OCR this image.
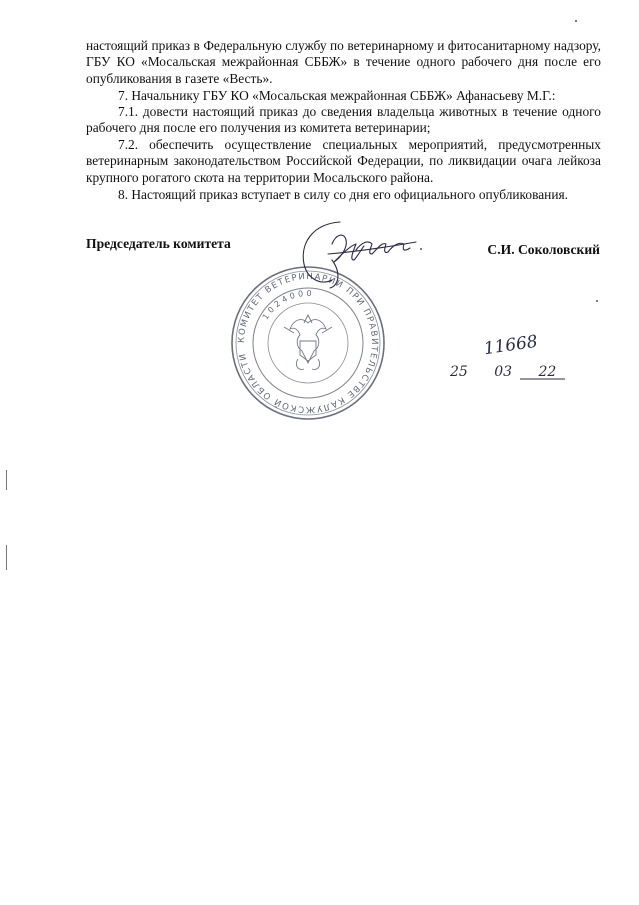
настоящий приказ в Федеральную службу по ветеринарному и фитосанитарному надзору, ГБУ КО «Мосальская межрайонная СББЖ» в течение одного рабочего дня после его опубликования в газете «Весть».

7. Начальнику ГБУ КО «Мосальская межрайонная СББЖ» Афанасьеву М.Г.:

7.1. довести настоящий приказ до сведения владельца животных в течение одного рабочего дня после его получения из комитета ветеринарии;

7.2. обеспечить осуществление специальных мероприятий, предусмотренных ветеринарным законодательством Российской Федерации, по ликвидации очага лейкоза крупного рогатого скота на территории Мосальского района.

8. Настоящий приказ вступает в силу со дня его официального опубликования.

Председатель комитета	С.И. Соколовский
КОМИТЕТ ВЕТЕРИНАРИИ ПРИ ПРАВИТЕЛЬСТВЕ КАЛУЖСКОЙ ОБЛАСТИ
1024000
11668
25 03 22
